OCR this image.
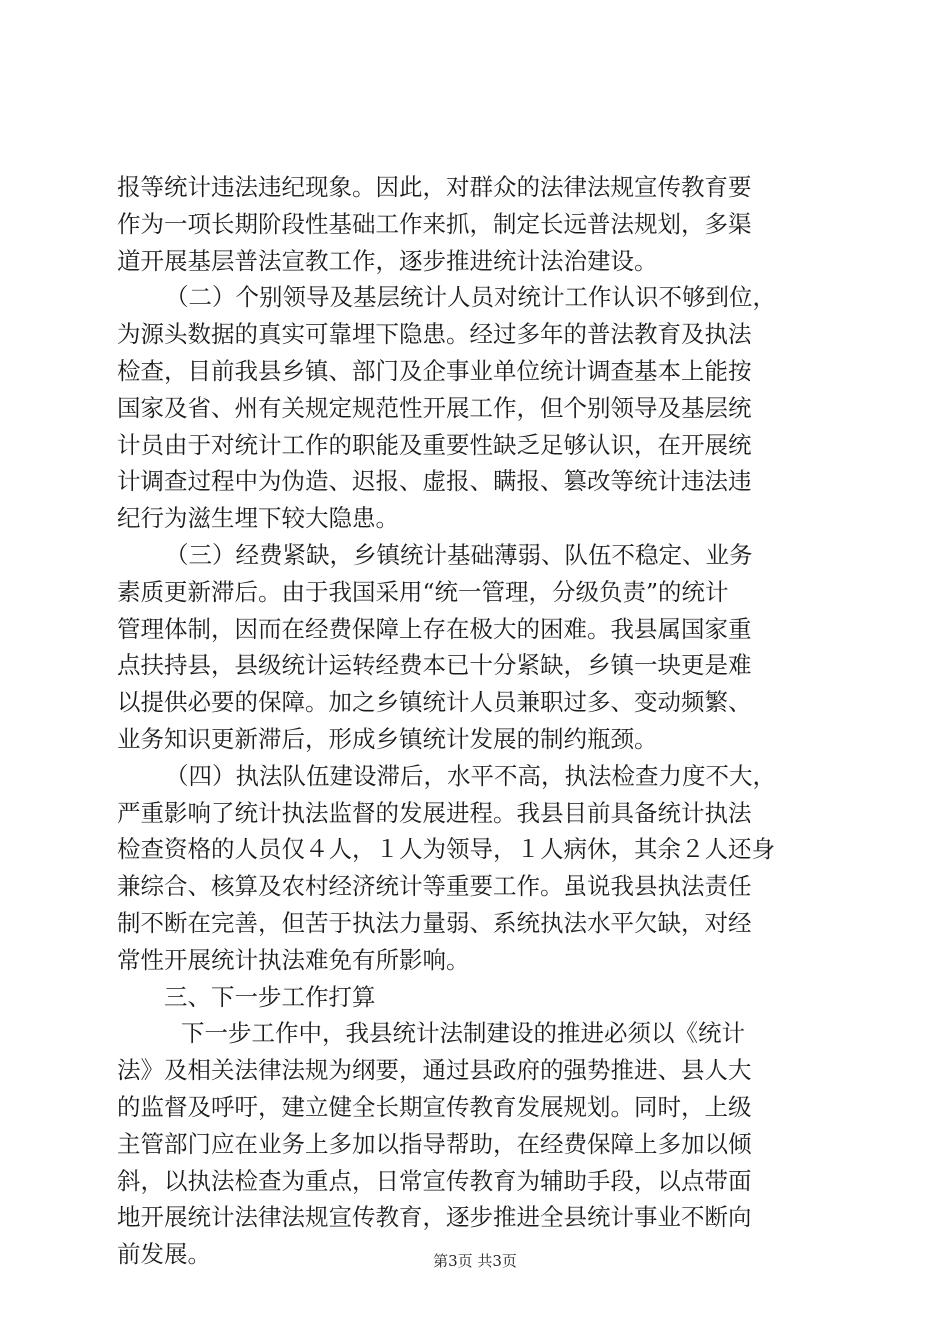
报等统计违法违纪现象。因此，对群众的法律法规宣传教育要
作为一项长期阶段性基础工作来抓，制定长远普法规划，多渠
道开展基层普法宣教工作，逐步推进统计法治建设。
（二）个别领导及基层统计人员对统计工作认识不够到位，
为源头数据的真实可靠埋下隐患。经过多年的普法教育及执法
检查，目前我县乡镇、部门及企事业单位统计调查基本上能按
国家及省、州有关规定规范性开展工作，但个别领导及基层统
计员由于对统计工作的职能及重要性缺乏足够认识，在开展统
计调查过程中为伪造、迟报、虚报、瞒报、篡改等统计违法违
纪行为滋生埋下较大隐患。
（三）经费紧缺，乡镇统计基础薄弱、队伍不稳定、业务
素质更新滞后。由于我国采用“统一管理，分级负责”的统计
管理体制，因而在经费保障上存在极大的困难。我县属国家重
点扶持县，县级统计运转经费本已十分紧缺，乡镇一块更是难
以提供必要的保障。加之乡镇统计人员兼职过多、变动频繁、
业务知识更新滞后，形成乡镇统计发展的制约瓶颈。
（四）执法队伍建设滞后，水平不高，执法检查力度不大，
严重影响了统计执法监督的发展进程。我县目前具备统计执法
检查资格的人员仅４人，１人为领导，１人病休，其余２人还身
兼综合、核算及农村经济统计等重要工作。虽说我县执法责任
制不断在完善，但苦于执法力量弱、系统执法水平欠缺，对经
常性开展统计执法难免有所影响。
三、下一步工作打算
下一步工作中，我县统计法制建设的推进必须以《统计
法》及相关法律法规为纲要，通过县政府的强势推进、县人大
的监督及呼吁，建立健全长期宣传教育发展规划。同时，上级
主管部门应在业务上多加以指导帮助，在经费保障上多加以倾
斜，以执法检查为重点，日常宣传教育为辅助手段，以点带面
地开展统计法律法规宣传教育，逐步推进全县统计事业不断向
前发展。	第3页 共3页
